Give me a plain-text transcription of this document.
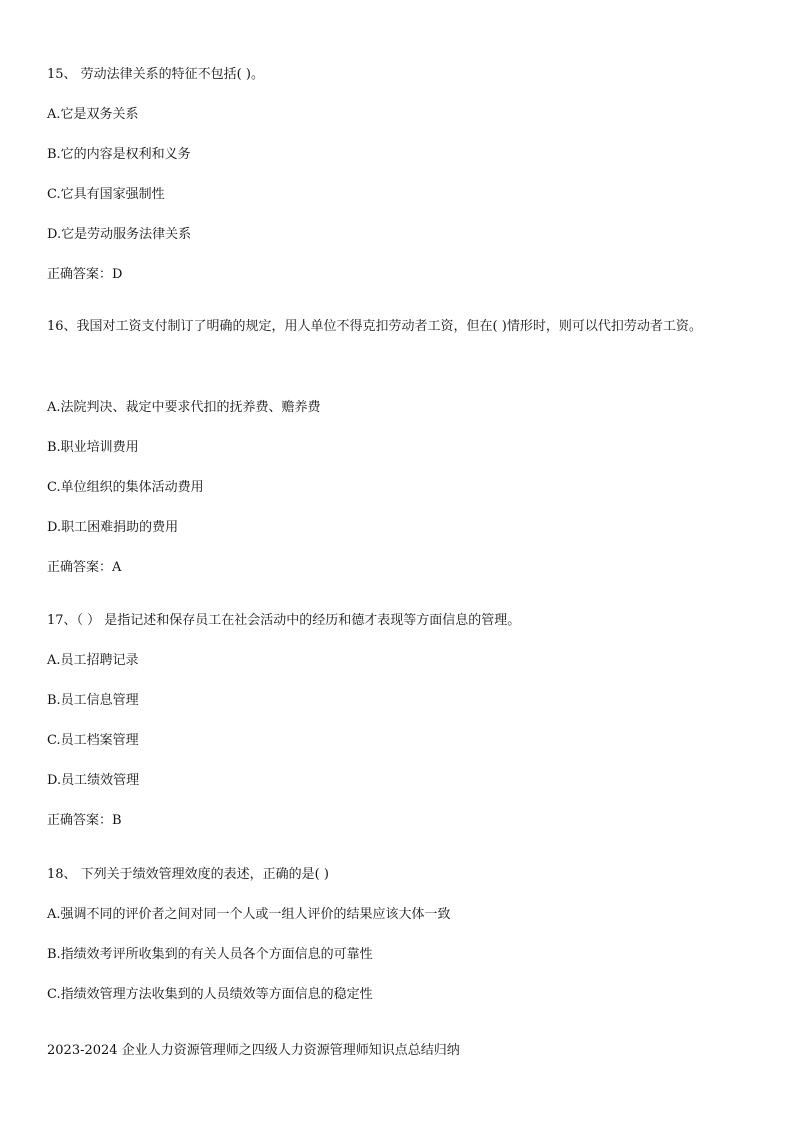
15、 劳动法律关系的特征不包括( )。
A.它是双务关系
B.它的内容是权利和义务
C.它具有国家强制性
D.它是劳动服务法律关系
正确答案：D
16、我国对工资支付制订了明确的规定，用人单位不得克扣劳动者工资，但在( )情形时，则可以代扣劳动者工资。
A.法院判决、裁定中要求代扣的抚养费、赡养费
B.职业培训费用
C.单位组织的集体活动费用
D.职工困难捐助的费用
正确答案：A
17、（ ） 是指记述和保存员工在社会活动中的经历和德才表现等方面信息的管理。
A.员工招聘记录
B.员工信息管理
C.员工档案管理
D.员工绩效管理
正确答案：B
18、 下列关于绩效管理效度的表述，正确的是( )
A.强调不同的评价者之间对同一个人或一组人评价的结果应该大体一致
B.指绩效考评所收集到的有关人员各个方面信息的可靠性
C.指绩效管理方法收集到的人员绩效等方面信息的稳定性
2023-2024 企业人力资源管理师之四级人力资源管理师知识点总结归纳
